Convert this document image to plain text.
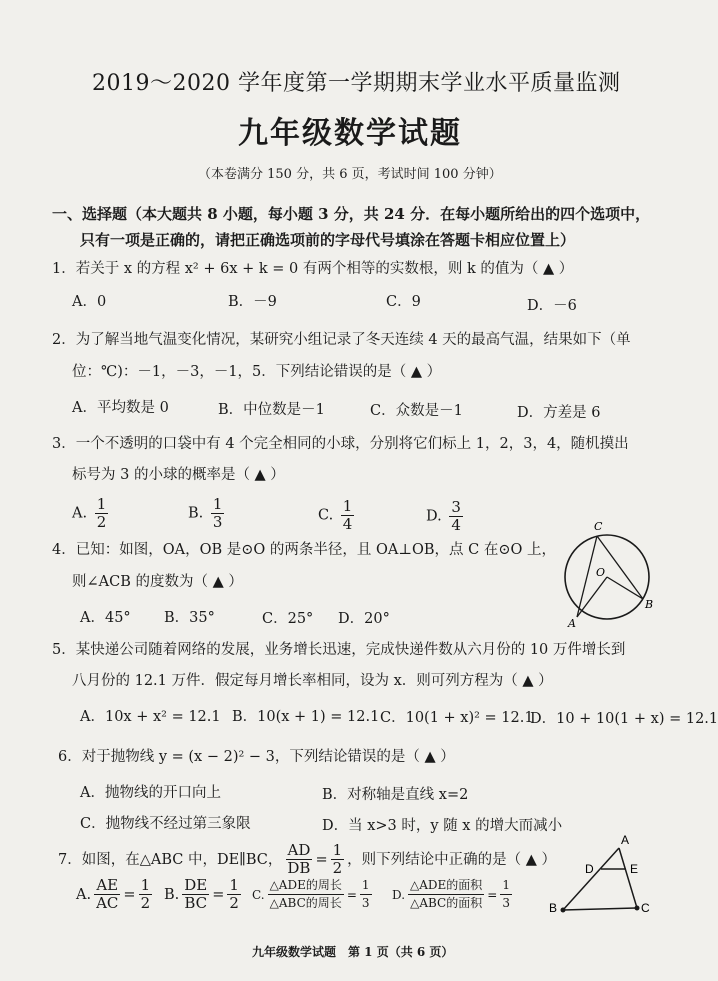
2019～2020 学年度第一学期期末学业水平质量监测
九年级数学试题
（本卷满分 150 分，共 6 页，考试时间 100 分钟）
一、选择题（本大题共 8 小题，每小题 3 分，共 24 分．在每小题所给出的四个选项中，
只有一项是正确的，请把正确选项前的字母代号填涂在答题卡相应位置上）
1．若关于 x 的方程 x² + 6x + k = 0 有两个相等的实数根，则 k 的值为（ ▲ ）
A．0	B．－9	C．9	D．－6
2．为了解当地气温变化情况，某研究小组记录了冬天连续 4 天的最高气温，结果如下（单
位：℃)：－1，－3，－1，5．下列结论错误的是（ ▲ ）
A．平均数是 0	B．中位数是－1	C．众数是－1	D．方差是 6
3．一个不透明的口袋中有 4 个完全相同的小球，分别将它们标上 1，2，3，4，随机摸出
标号为 3 的小球的概率是（ ▲ ）
A. $\frac{1}{2}$	B. $\frac{1}{3}$	C. $\frac{1}{4}$	D. $\frac{3}{4}$
4．已知：如图，OA，OB 是⊙O 的两条半径，且 OA⊥OB，点 C 在⊙O 上，
则∠ACB 的度数为（ ▲ ）
A．45° B．35°	C．25° D．20°
C
O
A
B
5．某快递公司随着网络的发展，业务增长迅速，完成快递件数从六月份的 10 万件增长到
八月份的 12.1 万件．假定每月增长率相同，设为 x．则可列方程为（ ▲ ）
A．10x + x² = 12.1 B．10(x + 1) = 12.1 C．10(1 + x)² = 12.1
D．10 + 10(1 + x) = 12.1
6．对于抛物线 y = (x − 2)² − 3，下列结论错误的是（ ▲ ）
A．抛物线的开口向上	B．对称轴是直线 x=2
C．抛物线不经过第三象限	D．当 x>3 时，y 随 x 的增大而减小
7．如图，在△ABC 中，DE∥BC， $\frac{AD}{DB} = \frac{1}{2}$ ，则下列结论中正确的是（ ▲ ）
A. $\frac{AE}{AC} = \frac{1}{2} B$. $\frac{DE}{BC} = \frac{1}{2} C$. $\frac{\text{△ADE的周长}}{\text{△ABC的周长}} = \frac{1}{3} D$. $\frac{\text{△ADE的面积}}{\text{△ABC的面积}} = \frac{1}{3}$
A
D	E
B	C
九年级数学试题　第 1 页（共 6 页）
